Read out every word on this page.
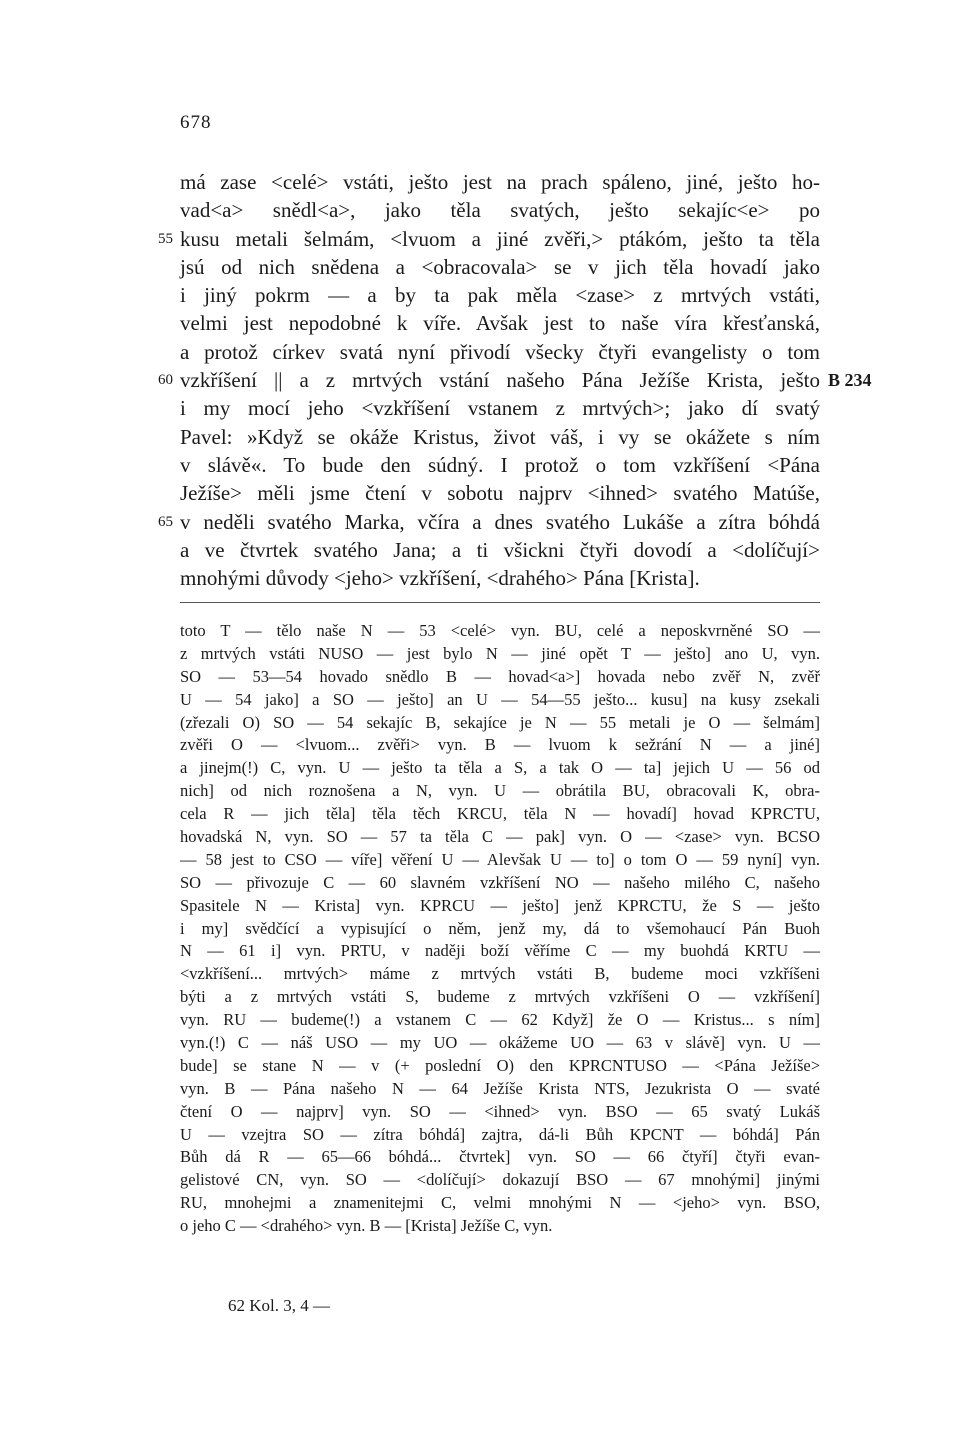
678
má zase <celé> vstáti, ješto jest na prach spáleno, jiné, ješto ho-
vad<a> snědl<a>, jako těla svatých, ješto sekajíc<e> po
55 kusu metali šelmám, <lvuom a jiné zvěři,> ptákóm, ješto ta těla
jsú od nich snědena a <obracovala> se v jich těla hovadí jako
i jiný pokrm — a by ta pak měla <zase> z mrtvých vstáti,
velmi jest nepodobné k víře. Avšak jest to naše víra křesťanská,
a protož církev svatá nyní přivodí všecky čtyři evangelisty o tom
60 vzkříšení || a z mrtvých vstání našeho Pána Ježíše Krista, ješto B 234
i my mocí jeho <vzkříšení vstanem z mrtvých>; jako dí svatý
Pavel: »Když se okáže Kristus, život váš, i vy se okážete s ním
v slávě«. To bude den súdný. I protož o tom vzkříšení <Pána
Ježíše> měli jsme čtení v sobotu najprv <ihned> svatého Matúše,
65 v neděli svatého Marka, včíra a dnes svatého Lukáše a zítra bóhdá
a ve čtvrtek svatého Jana; a ti všickni čtyři dovodí a <dolíčují>
mnohými důvody <jeho> vzkříšení, <drahého> Pána [Krista].
toto T — tělo naše N — 53 <celé> vyn. BU, celé a neposkvrněné SO —
z mrtvých vstáti NUSO — jest bylo N — jiné opět T — ješto] ano U, vyn.
SO — 53—54 hovado snědlo B — hovad<a>] hovada nebo zvěř N, zvěř
U — 54 jako] a SO — ješto] an U — 54—55 ješto... kusu] na kusy zsekali
(zřezali O) SO — 54 sekajíc B, sekajíce je N — 55 metali je O — šelmám]
zvěři O — <lvuom... zvěři> vyn. B — lvuom k sežrání N — a jiné]
a jinejm(!) C, vyn. U — ješto ta těla a S, a tak O — ta] jejich U — 56 od
nich] od nich roznošena a N, vyn. U — obrátila BU, obracovali K, obra-
cela R — jich těla] těla těch KRCU, tĕla N — hovadí] hovad KPRCTU,
hovadská N, vyn. SO — 57 ta těla C — pak] vyn. O — <zase> vyn. BCSO
— 58 jest to CSO — víře] věření U — Alevšak U — to] o tom O — 59 nyní] vyn.
SO — přivozuje C — 60 slavném vzkříšení NO — našeho milého C, našeho
Spasitele N — Krista] vyn. KPRCU — ješto] jenž KPRCTU, že S — ješto
i my] svědčící a vypisující o něm, jenž my, dá to všemohaucí Pán Buoh
N — 61 i] vyn. PRTU, v naději boží věříme C — my buohdá KRTU —
<vzkříšení... mrtvých> máme z mrtvých vstáti B, budeme moci vzkříšeni
býti a z mrtvých vstáti S, budeme z mrtvých vzkříšeni O — vzkříšení]
vyn. RU — budeme(!) a vstanem C — 62 Když] že O — Kristus... s ním]
vyn.(!) C — náš USO — my UO — okážeme UO — 63 v slávě] vyn. U —
bude] se stane N — v (+ poslední O) den KPRCNTUSO — <Pána Ježíše>
vyn. B — Pána našeho N — 64 Ježíše Krista NTS, Jezukrista O — svaté
čtení O — najprv] vyn. SO — <ihned> vyn. BSO — 65 svatý Lukáš
U — vzejtra SO — zítra bóhdá] zajtra, dá-li Bůh KPCNT — bóhdá] Pán
Bůh dá R — 65—66 bóhdá... čtvrtek] vyn. SO — 66 čtyří] čtyři evan-
gelistové CN, vyn. SO — <dolíčují> dokazují BSO — 67 mnohými] jinými
RU, mnohejmi a znamenitejmi C, velmi mnohými N — <jeho> vyn. BSO,
o jeho C — <drahého> vyn. B — [Krista] Ježíše C, vyn.
62 Kol. 3, 4 —
